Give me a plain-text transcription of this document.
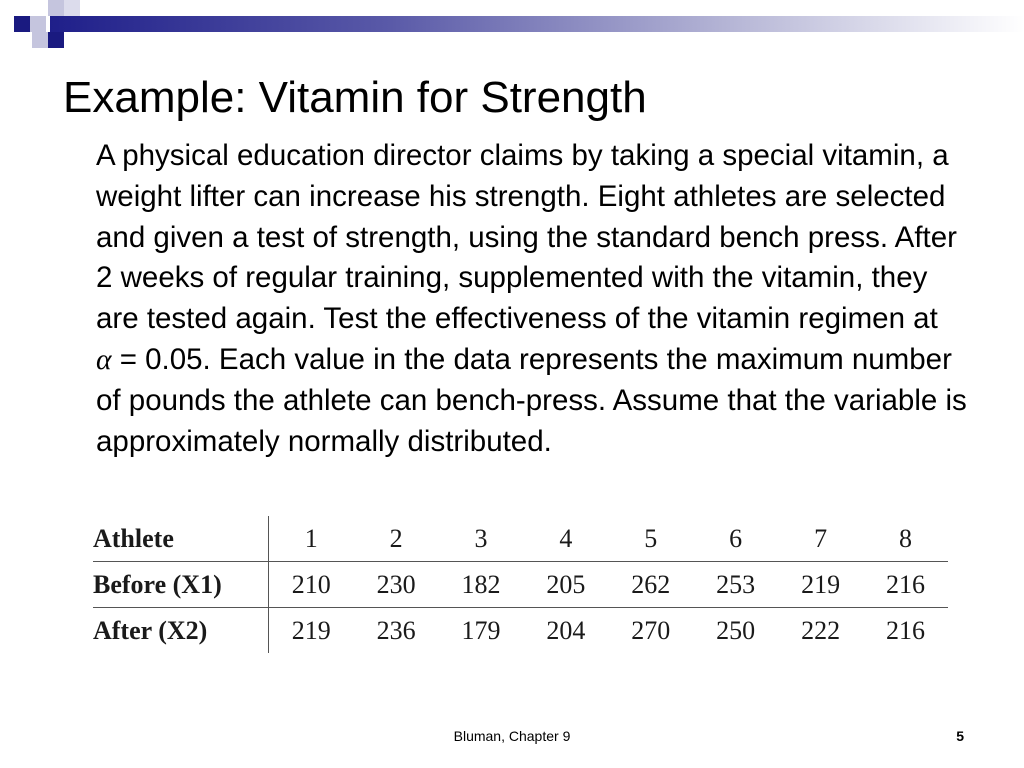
Example: Vitamin for Strength

A physical education director claims by taking a special vitamin, a weight lifter can increase his strength. Eight athletes are selected and given a test of strength, using the standard bench press. After 2 weeks of regular training, supplemented with the vitamin, they are tested again. Test the effectiveness of the vitamin regimen at
α = 0.05. Each value in the data represents the maximum number of pounds the athlete can bench-press. Assume that the variable is approximately normally distributed.

Athlete	1	2	3	4	5	6	7	8
Before (X1)	210	230	182	205	262	253	219	216
After (X2)	219	236	179	204	270	250	222	216
Bluman, Chapter 9	5
